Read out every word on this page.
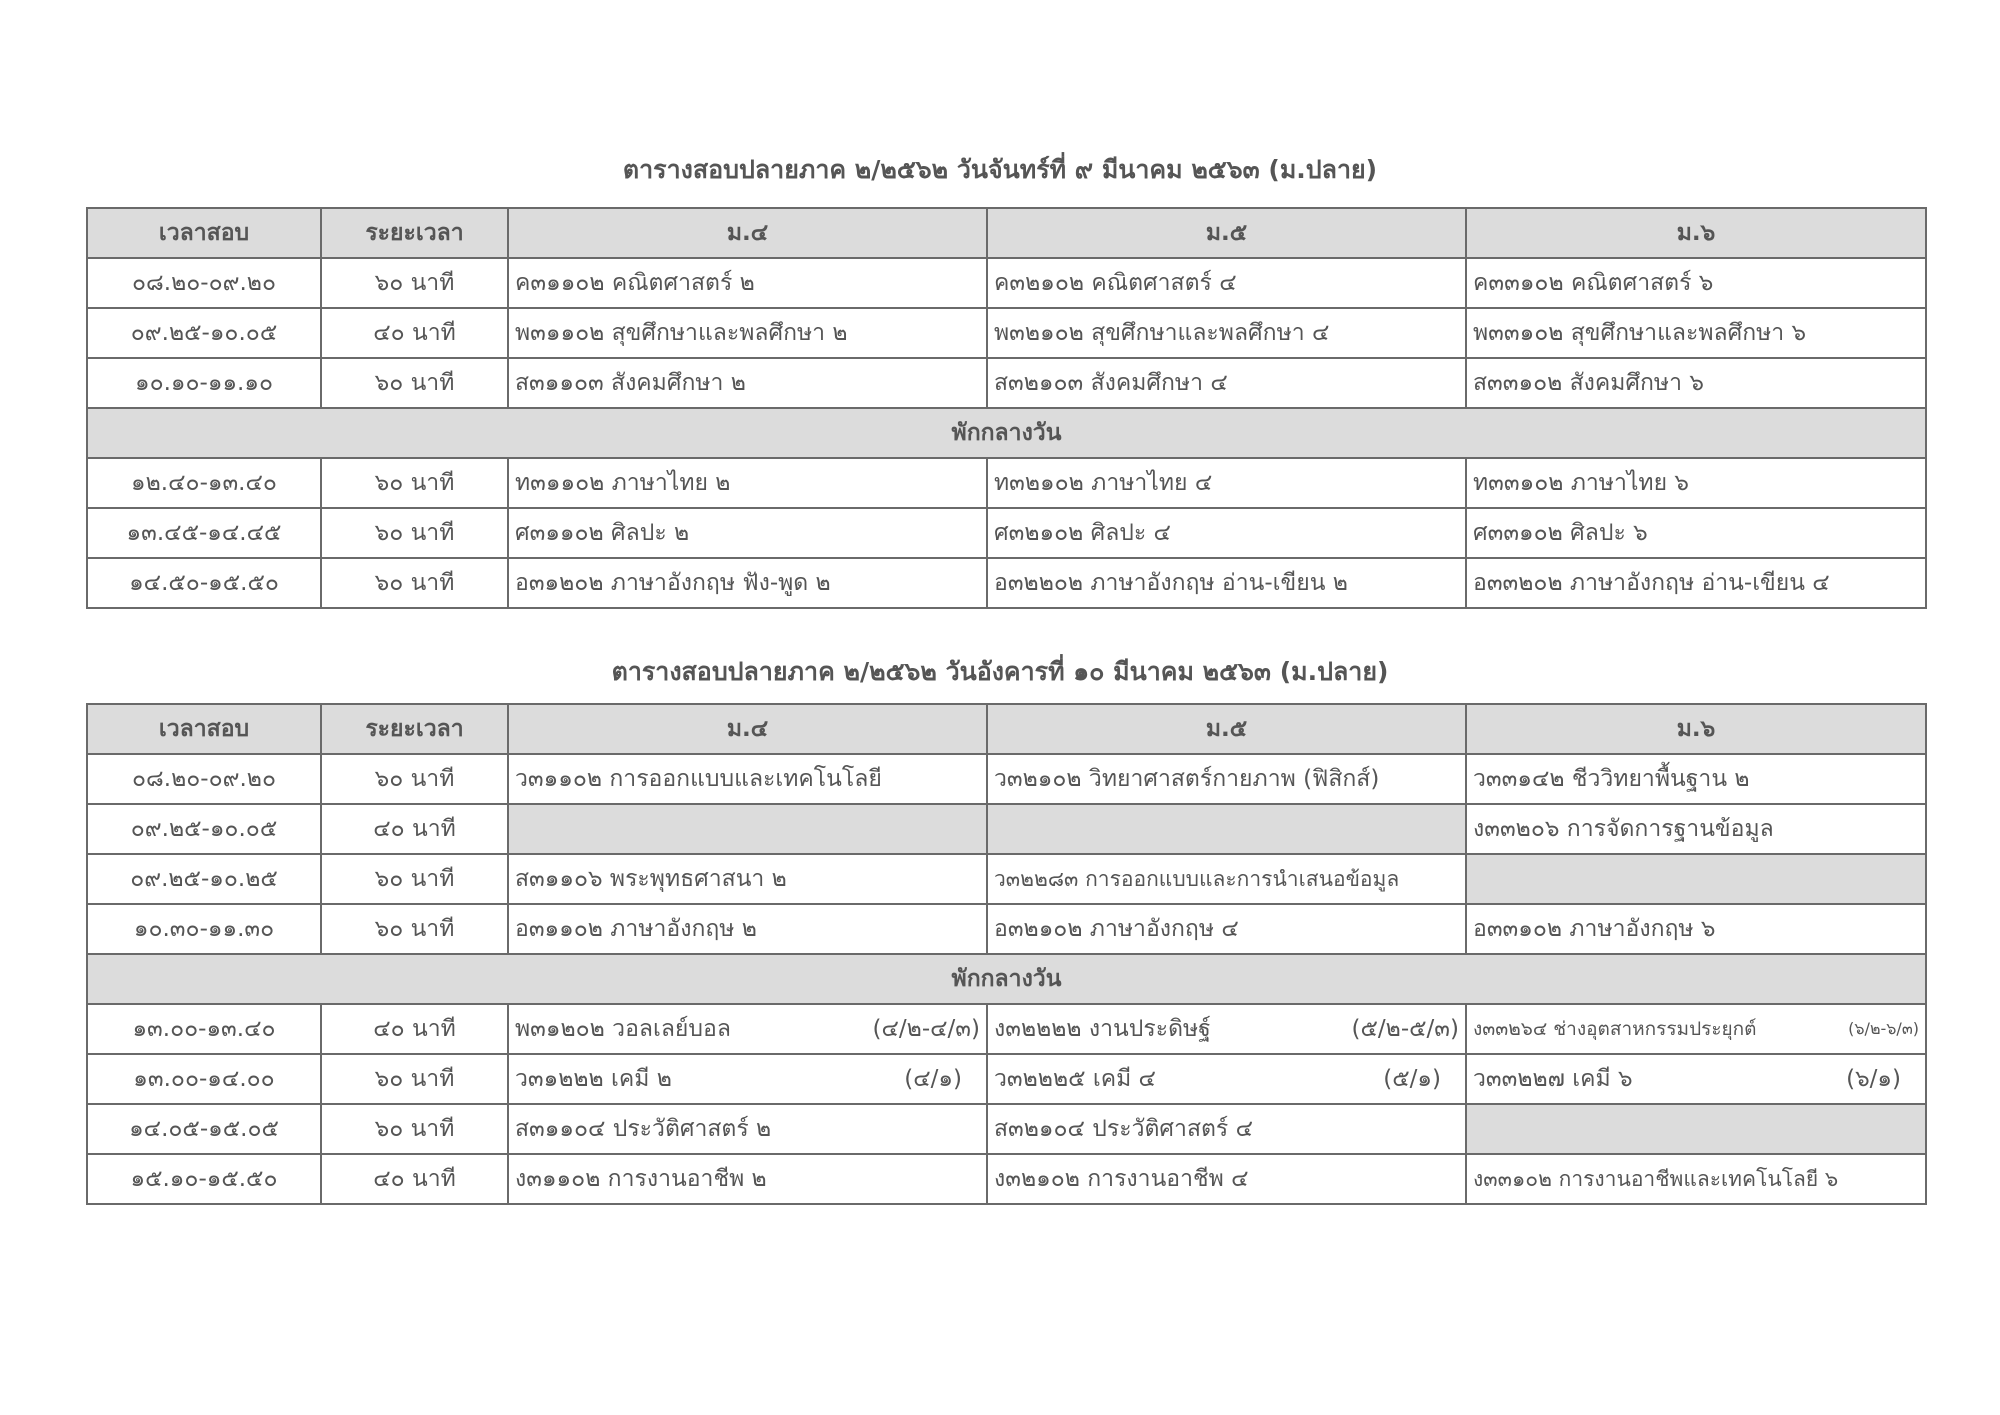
ตารางสอบปลายภาค ๒/๒๕๖๒ วันจันทร์ที่ ๙ มีนาคม ๒๕๖๓ (ม.ปลาย)
เวลาสอบ	ระยะเวลา	ม.๔	ม.๕	ม.๖
๐๘.๒๐-๐๙.๒๐	๖๐ นาที	ค๓๑๑๐๒ คณิตศาสตร์ ๒	ค๓๒๑๐๒ คณิตศาสตร์ ๔	ค๓๓๑๐๒ คณิตศาสตร์ ๖
๐๙.๒๕-๑๐.๐๕	๔๐ นาที	พ๓๑๑๐๒ สุขศึกษาและพลศึกษา ๒	พ๓๒๑๐๒ สุขศึกษาและพลศึกษา ๔	พ๓๓๑๐๒ สุขศึกษาและพลศึกษา ๖
๑๐.๑๐-๑๑.๑๐	๖๐ นาที	ส๓๑๑๐๓ สังคมศึกษา ๒	ส๓๒๑๐๓ สังคมศึกษา ๔	ส๓๓๑๐๒ สังคมศึกษา ๖
พักกลางวัน				
๑๒.๔๐-๑๓.๔๐	๖๐ นาที	ท๓๑๑๐๒ ภาษาไทย ๒	ท๓๒๑๐๒ ภาษาไทย ๔	ท๓๓๑๐๒ ภาษาไทย ๖
๑๓.๔๕-๑๔.๔๕	๖๐ นาที	ศ๓๑๑๐๒ ศิลปะ ๒	ศ๓๒๑๐๒ ศิลปะ ๔	ศ๓๓๑๐๒ ศิลปะ ๖
๑๔.๕๐-๑๕.๕๐	๖๐ นาที	อ๓๑๒๐๒ ภาษาอังกฤษ ฟัง-พูด ๒	อ๓๒๒๐๒ ภาษาอังกฤษ อ่าน-เขียน ๒	อ๓๓๒๐๒ ภาษาอังกฤษ อ่าน-เขียน ๔
ตารางสอบปลายภาค ๒/๒๕๖๒ วันอังคารที่ ๑๐ มีนาคม ๒๕๖๓ (ม.ปลาย)
เวลาสอบ	ระยะเวลา	ม.๔	ม.๕	ม.๖
๐๘.๒๐-๐๙.๒๐	๖๐ นาที	ว๓๑๑๐๒ การออกแบบและเทคโนโลยี	ว๓๒๑๐๒ วิทยาศาสตร์กายภาพ (ฟิสิกส์)	ว๓๓๑๔๒ ชีววิทยาพื้นฐาน ๒
๐๙.๒๕-๑๐.๐๕	๔๐ นาที			ง๓๓๒๐๖ การจัดการฐานข้อมูล
๐๙.๒๕-๑๐.๒๕	๖๐ นาที	ส๓๑๑๐๖ พระพุทธศาสนา ๒	ว๓๒๒๘๓ การออกแบบและการนำเสนอข้อมูล	
๑๐.๓๐-๑๑.๓๐	๖๐ นาที	อ๓๑๑๐๒ ภาษาอังกฤษ ๒	อ๓๒๑๐๒ ภาษาอังกฤษ ๔	อ๓๓๑๐๒ ภาษาอังกฤษ ๖
พักกลางวัน				
๑๓.๐๐-๑๓.๔๐	๔๐ นาที	พ๓๑๒๐๒ วอลเลย์บอล (๔/๒-๔/๓)	ง๓๒๒๒๒ งานประดิษฐ์ (๕/๒-๕/๓)	ง๓๓๒๖๔ ช่างอุตสาหกรรมประยุกต์ (๖/๒-๖/๓)

๑๓.๐๐-๑๔.๐๐	๖๐ นาที	ว๓๑๒๒๒ เคมี ๒ (๔/๑)	ว๓๒๒๒๕ เคมี ๔ (๕/๑)	ว๓๓๒๒๗ เคมี ๖ (๖/๑)

๑๔.๐๕-๑๕.๐๕	๖๐ นาที	ส๓๑๑๐๔ ประวัติศาสตร์ ๒	ส๓๒๑๐๔ ประวัติศาสตร์ ๔	
๑๕.๑๐-๑๕.๕๐	๔๐ นาที	ง๓๑๑๐๒ การงานอาชีพ ๒	ง๓๒๑๐๒ การงานอาชีพ ๔	ง๓๓๑๐๒ การงานอาชีพและเทคโนโลยี ๖
